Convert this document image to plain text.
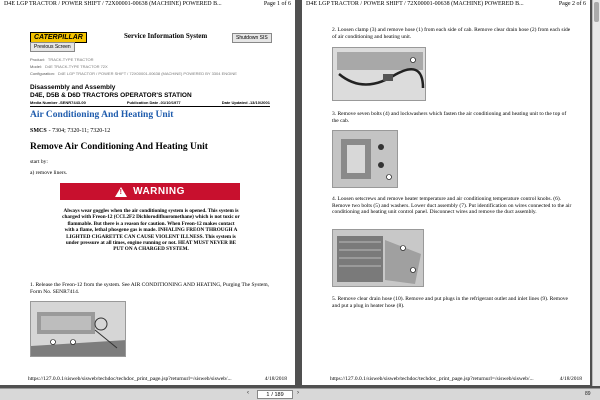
D4E LGP TRACTOR / POWER SHIFT / 72X00001-00638 (MACHINE) POWERED B...	Page 1 of 6
CATERPILLAR	Service Information System	Shutdown SIS
Previous Screen
Product: TRACK-TYPE TRACTOR
Model: D4E TRACK-TYPE TRACTOR 72X
Configuration: D4E LGP TRACTOR / POWER SHIFT / 72X00001-00638 (MACHINE) POWERED BY 3304 ENGINE
Disassembly and Assembly
D4E, D5B & D6D TRACTORS OPERATOR'S STATION
Media Number -SENR7443-00	Publication Date -01/10/1977	Date Updated -13/10/2001
Air Conditioning And Heating Unit
SMCS - 7304; 7320-11; 7320-12
Remove Air Conditioning And Heating Unit
start by:
a) remove liners.
! WARNING
Always wear goggles when the air conditioning system is opened. This system is charged with Freon-12 (CCL2F2 Dichlorodifluoromethane) which is not toxic or flammable. But there is a reason for caution. When Freon-12 makes contact with a flame, lethal phosgene gas is made. INHALING FREON THROUGH A LIGHTED CIGARETTE CAN CAUSE VIOLENT ILLNESS. This system is under pressure at all times, engine running or not. HEAT MUST NEVER BE PUT ON A CHARGED SYSTEM.
1. Release the Freon-12 from the system. See AIR CONDITIONING AND HEATING, Purging The System, Form No. SENR7414.
https://127.0.0.1/sisweb/sisweb/techdoc/techdoc_print_page.jsp?returnurl=/sisweb/sisweb/...	4/18/2018
D4E LGP TRACTOR / POWER SHIFT / 72X00001-00638 (MACHINE) POWERED B...	Page 2 of 6
2. Loosen clamp (3) and remove hose (1) from each side of cab. Remove clear drain hose (2) from each side of air conditioning and heating unit.
3. Remove seven bolts (4) and lockwashers which fasten the air conditioning and heating unit to the top of the cab.
4. Loosen setscrews and remove heater temperature and air conditioning temperature control knobs. (6). Remove two bolts (5) and washers. Lower duct assembly (7). Put identification on wires connected to the air conditioning and heating unit control panel. Disconnect wires and remove the duct assembly.
5. Remove clear drain hose (10). Remove and put plugs in the refrigerant outlet and inlet lines (9). Remove and put a plug in heater hose (8).
https://127.0.0.1/sisweb/sisweb/techdoc/techdoc_print_page.jsp?returnurl=/sisweb/sisweb/...	4/18/2018
‹	1 / 189 ›	89
